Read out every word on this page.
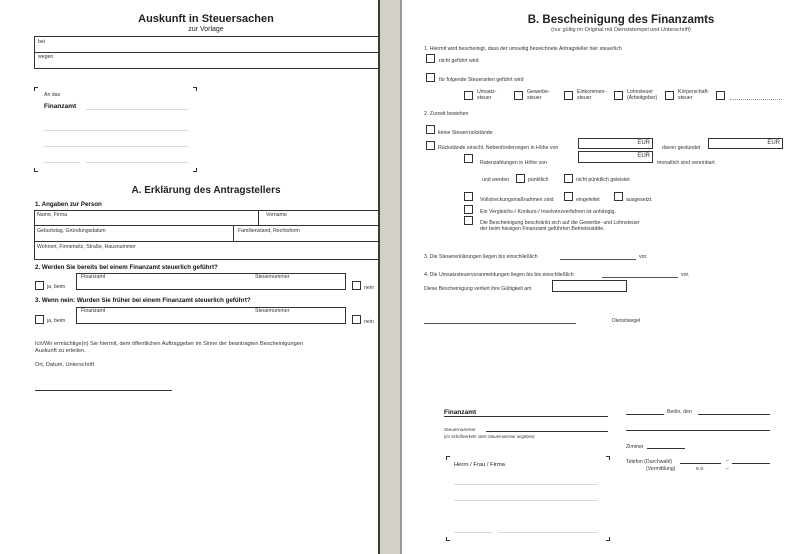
Auskunft in Steuersachen
zur Vorlage
bei
wegen
An das
Finanzamt
A. Erklärung des Antragstellers
1. Angaben zur Person
Name, Firma	Vorname
Geburtstag, Gründungsdatum	Familienstand, Rechtsform
Wohnort, Firmensitz, Straße, Hausnummer
2. Werden Sie bereits bei einem Finanzamt steuerlich geführt?
ja, beim
Finanzamt	Steuernummer
nein
3. Wenn nein: Wurden Sie früher bei einem Finanzamt steuerlich geführt?
ja, beim
Finanzamt	Steuernummer
nein
Ich/Wir ermächtige(n) Sie hiermit, dem öffentlichen Auftraggeber im Sinne der beantragten Bescheinigungen
Auskunft zu erteilen.
Ort, Datum, Unterschrift
B. Bescheinigung des Finanzamts
(nur gültig im Original mit Dienststempel und Unterschrift)
1. Hiermit wird bescheinigt, dass der umseitig bezeichnete Antragsteller hier steuerlich
nicht geführt wird
für folgende Steuerarten geführt wird
Umsatz-
steuer
Gewerbe-
steuer
Einkommen-
steuer
Lohnsteuer
(Arbeitgeber)
Körperschaft-
steuer
2. Zurzeit bestehen
keine Steuerrückstände
Rückstände einschl. Nebenforderungen in Höhe von
EUR
davon gestundet
EUR
Ratenzahlungen in Höhe von
EUR
monatlich sind vereinbart
und werden	pünktlich	nicht pünktlich geleistet
Vollstreckungsmaßnahmen sind	eingeleitet	ausgesetzt.
Ein Vergleichs-/ Konkurs-/ Insolvenzverfahren ist anhängig.
Die Bescheinigung beschränkt sich auf die Gewerbe- und Lohnsteuer
der beim hiesigen Finanzamt geführten Betriebsstätte.
3. Die Steuererklärungen liegen bis einschließlich	vor.
4. Die Umsatzsteuervoranmeldungen liegen bis bis einschließlich	vor.
Diese Bescheinigung verliert ihre Gültigkeit am
Dienstsiegel
Finanzamt
Steuernummer
(im Schriftverkehr stets Steuernummer angeben)
Berlin, den
Zimmer
Telefon (Durchwahl)	–
(Vermittlung)	e.o.	–
Herrn / Frau / Firma
